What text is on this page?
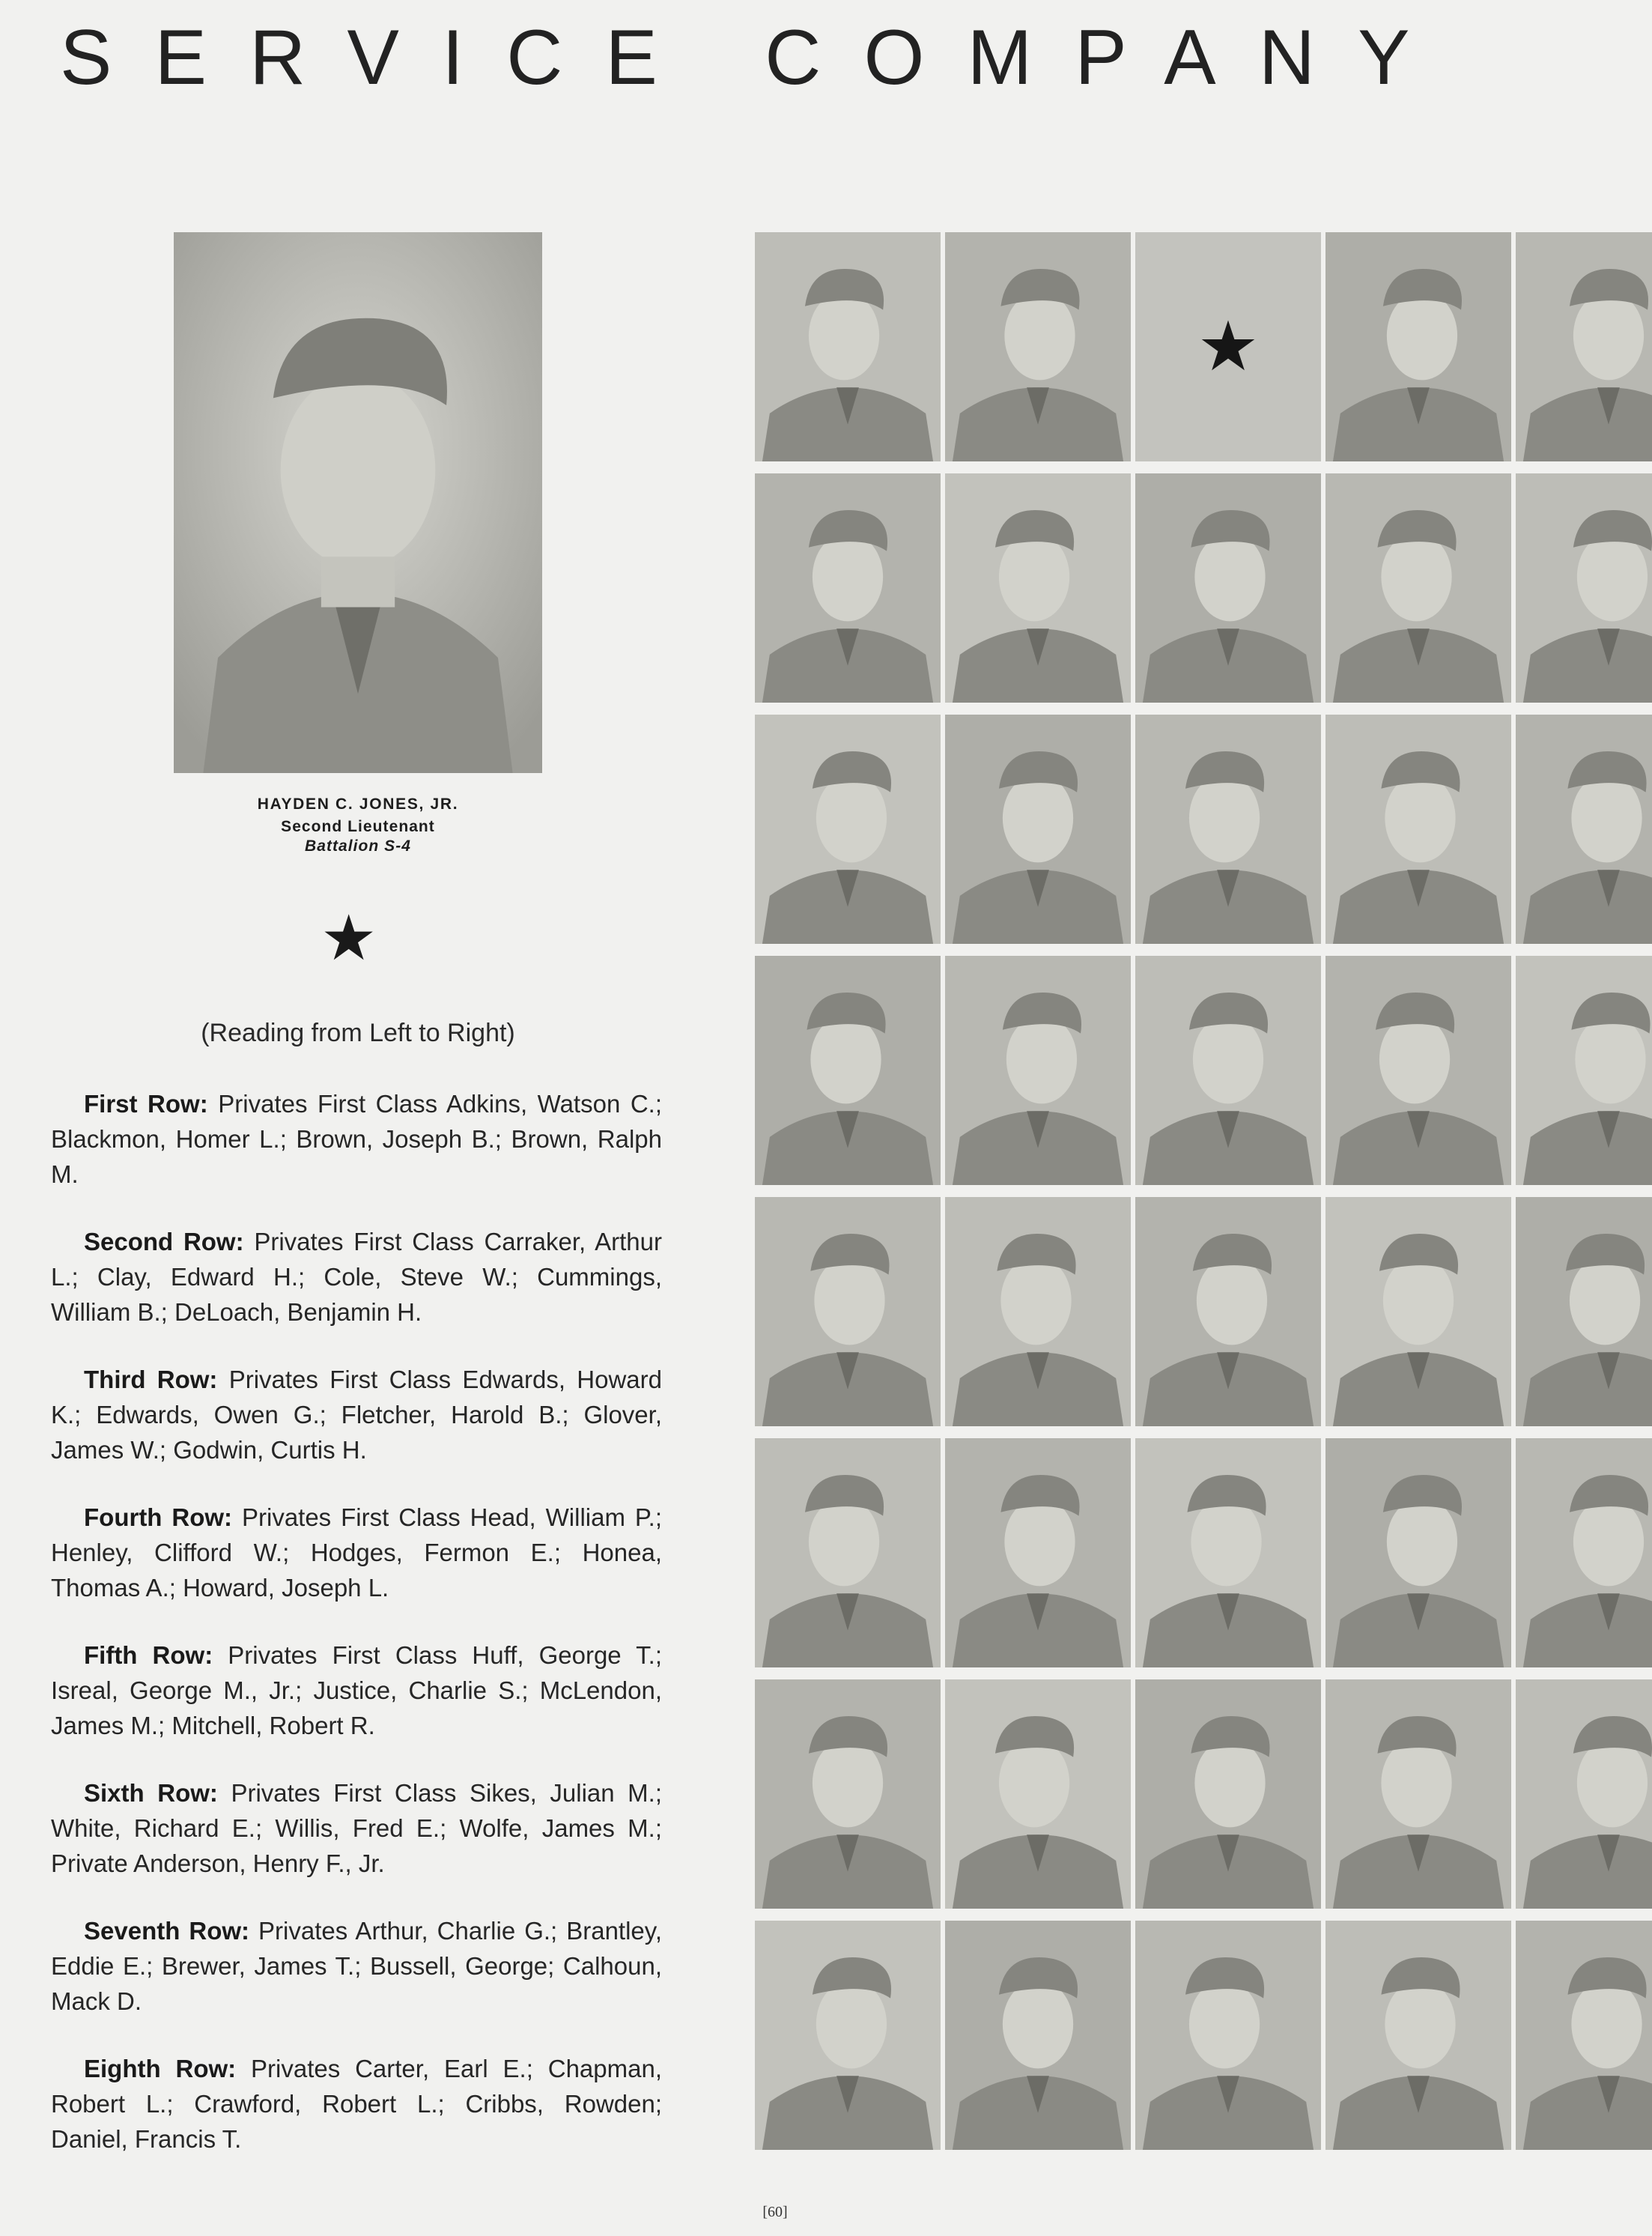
SERVICE COMPANY
HAYDEN C. JONES, JR.
Second Lieutenant
Battalion S-4
★
(Reading from Left to Right)
First Row: Privates First Class Adkins, Watson C.; Blackmon, Homer L.; Brown, Joseph B.; Brown, Ralph M.
Second Row: Privates First Class Carraker, Arthur L.; Clay, Edward H.; Cole, Steve W.; Cummings, William B.; DeLoach, Benjamin H.
Third Row: Privates First Class Edwards, Howard K.; Edwards, Owen G.; Fletcher, Harold B.; Glover, James W.; Godwin, Curtis H.
Fourth Row: Privates First Class Head, William P.; Henley, Clifford W.; Hodges, Fermon E.; Honea, Thomas A.; Howard, Joseph L.
Fifth Row: Privates First Class Huff, George T.; Isreal, George M., Jr.; Justice, Charlie S.; McLendon, James M.; Mitchell, Robert R.
Sixth Row: Privates First Class Sikes, Julian M.; White, Richard E.; Willis, Fred E.; Wolfe, James M.; Private Anderson, Henry F., Jr.
Seventh Row: Privates Arthur, Charlie G.; Brantley, Eddie E.; Brewer, James T.; Bussell, George; Calhoun, Mack D.
Eighth Row: Privates Carter, Earl E.; Chapman, Robert L.; Crawford, Robert L.; Cribbs, Rowden; Daniel, Francis T.
★
[60]
